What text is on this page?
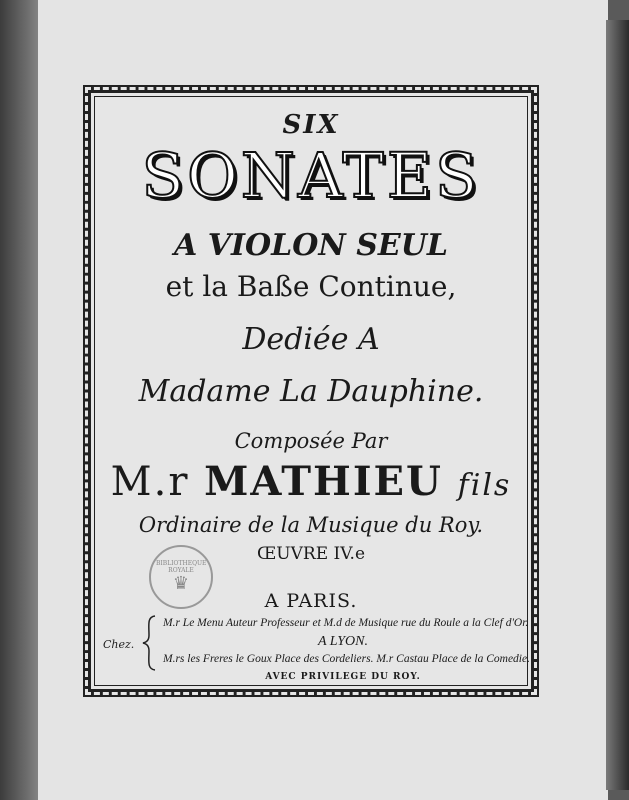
SIX
SONATES
A VIOLON SEUL
et la Baße Continue,
Dediéе A
Madame La Dauphine.
Composéе Par
M.r MATHIEU fils
Ordinaire de la Musique du Roy.
ŒUVRE IV.e
BIBLIOTHEQUE ROYALE
♛
A PARIS.
Chez.
M.r Le Menu Auteur Professeur et M.d de Musique rue du Roule a la Clef d'Or.
A LYON.
M.rs les Freres le Goux Place des Cordeliers. M.r Castau Place de la Comedie.
AVEC PRIVILEGE DU ROY.
